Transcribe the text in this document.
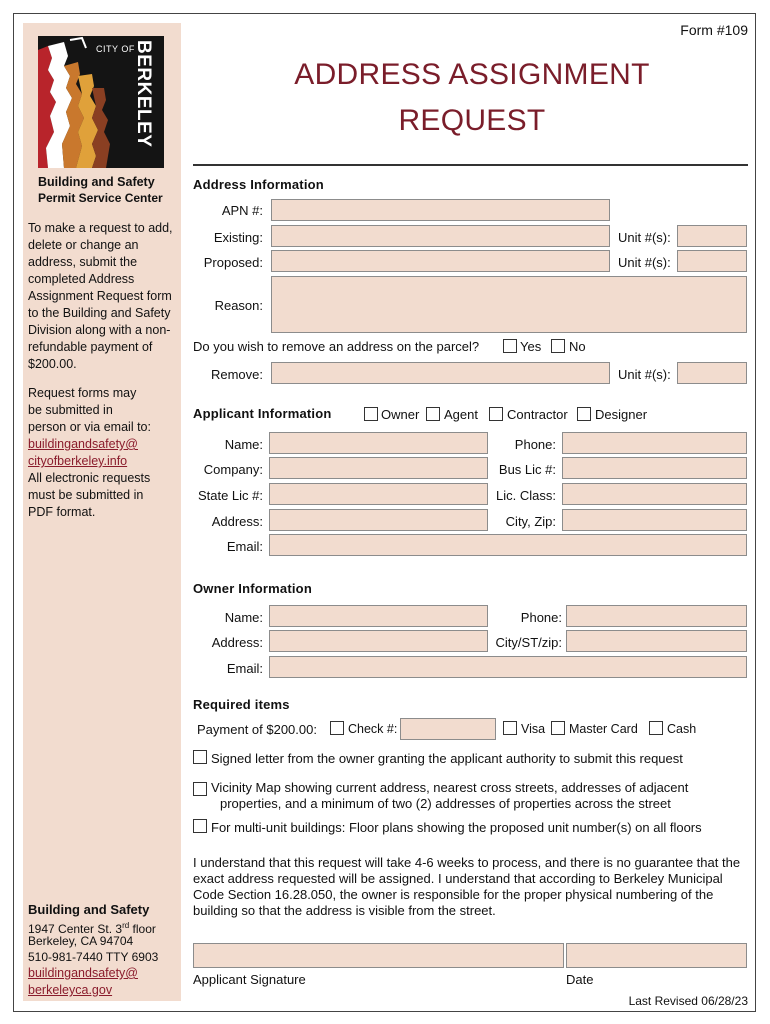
CITY OF
BERKELEY
Building and Safety
Permit Service Center
To make a request to add, delete or change an address, submit the completed Address Assignment Request form to the Building and Safety Division along with a non-refundable payment of $200.00.
Request forms may
be submitted in
person or via email to:
buildingandsafety@
cityofberkeley.info
All electronic requests
must be submitted in
PDF format.
Building and Safety
1947 Center St. 3rd floor
Berkeley, CA 94704
510-981-7440 TTY 6903
buildingandsafety@
berkeleyca.gov
Form #109
ADDRESS ASSIGNMENT
REQUEST
Address Information
APN #:
Existing:	Unit #(s):
Proposed:	Unit #(s):
Reason:
Do you wish to remove an address on the parcel?	Yes No
Remove:	Unit #(s):
Applicant Information	Owner Agent Contractor Designer
Name:	Phone:
Company:	Bus Lic #:
State Lic #:	Lic. Class:
Address:	City, Zip:
Email:
Owner Information
Name:	Phone:
Address:	City/ST/zip:
Email:
Required items
Payment of $200.00: Check #:	Visa Master Card Cash
Signed letter from the owner granting the applicant authority to submit this request
Vicinity Map showing current address, nearest cross streets, addresses of adjacent
properties, and a minimum of two (2) addresses of properties across the street
For multi-unit buildings: Floor plans showing the proposed unit number(s) on all floors
I understand that this request will take 4-6 weeks to process, and there is no guarantee that the exact address requested will be assigned. I understand that according to Berkeley Municipal Code Section 16.28.050, the owner is responsible for the proper physical numbering of the building so that the address is visible from the street.
Applicant Signature	Date
Last Revised 06/28/23
